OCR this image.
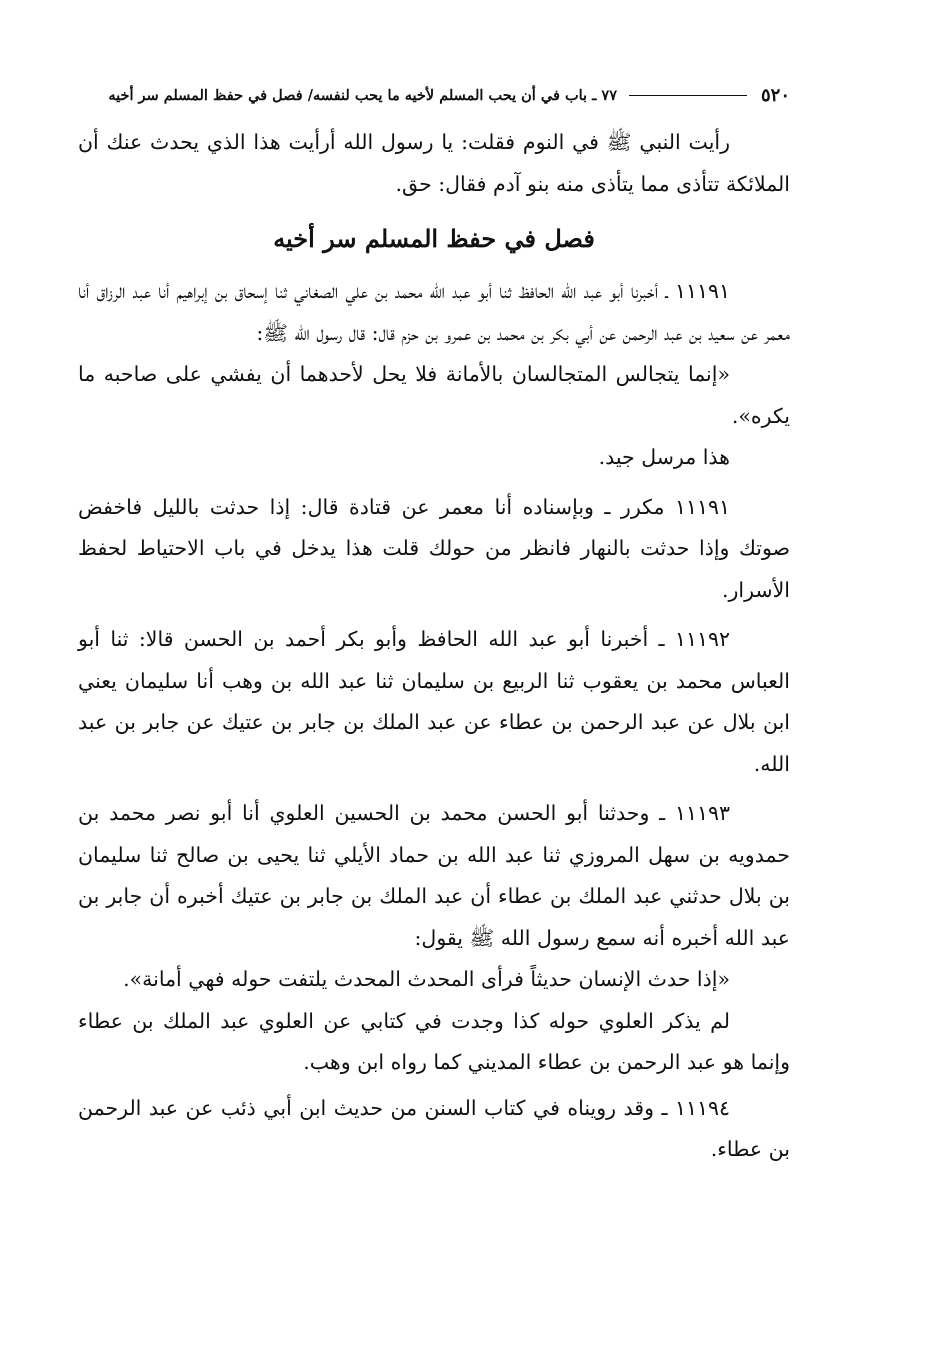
٥٢٠
٧٧ ـ باب في أن يحب المسلم لأخيه ما يحب لنفسه/ فصل في حفظ المسلم سر أخيه

رأيت النبي ﷺ في النوم فقلت: يا رسول الله أرأيت هذا الذي يحدث عنك أن الملائكة تتأذى مما يتأذى منه بنو آدم فقال: حق.

فصل في حفظ المسلم سر أخيه

١١١٩١ ـ أخبرنا أبو عبد الله الحافظ ثنا أبو عبد الله محمد بن علي الصغاني ثنا إسحاق بن إبراهيم أنا عبد الرزاق أنا معمر عن سعيد بن عبد الرحمن عن أبي بكر بن محمد بن عمرو بن حزم قال: قال رسول الله ﷺ:

«إنما يتجالس المتجالسان بالأمانة فلا يحل لأحدهما أن يفشي على صاحبه ما يكره».

هذا مرسل جيد.

١١١٩١ مكرر ـ وبإسناده أنا معمر عن قتادة قال: إذا حدثت بالليل فاخفض صوتك وإذا حدثت بالنهار فانظر من حولك قلت هذا يدخل في باب الاحتياط لحفظ الأسرار.

١١١٩٢ ـ أخبرنا أبو عبد الله الحافظ وأبو بكر أحمد بن الحسن قالا: ثنا أبو العباس محمد بن يعقوب ثنا الربيع بن سليمان ثنا عبد الله بن وهب أنا سليمان يعني ابن بلال عن عبد الرحمن بن عطاء عن عبد الملك بن جابر بن عتيك عن جابر بن عبد الله.

١١١٩٣ ـ وحدثنا أبو الحسن محمد بن الحسين العلوي أنا أبو نصر محمد بن حمدويه بن سهل المروزي ثنا عبد الله بن حماد الأيلي ثنا يحيى بن صالح ثنا سليمان بن بلال حدثني عبد الملك بن عطاء أن عبد الملك بن جابر بن عتيك أخبره أن جابر بن عبد الله أخبره أنه سمع رسول الله ﷺ يقول:

«إذا حدث الإنسان حديثاً فرأى المحدث المحدث يلتفت حوله فهي أمانة».

لم يذكر العلوي حوله كذا وجدت في كتابي عن العلوي عبد الملك بن عطاء وإنما هو عبد الرحمن بن عطاء المديني كما رواه ابن وهب.

١١١٩٤ ـ وقد رويناه في كتاب السنن من حديث ابن أبي ذئب عن عبد الرحمن بن عطاء.
